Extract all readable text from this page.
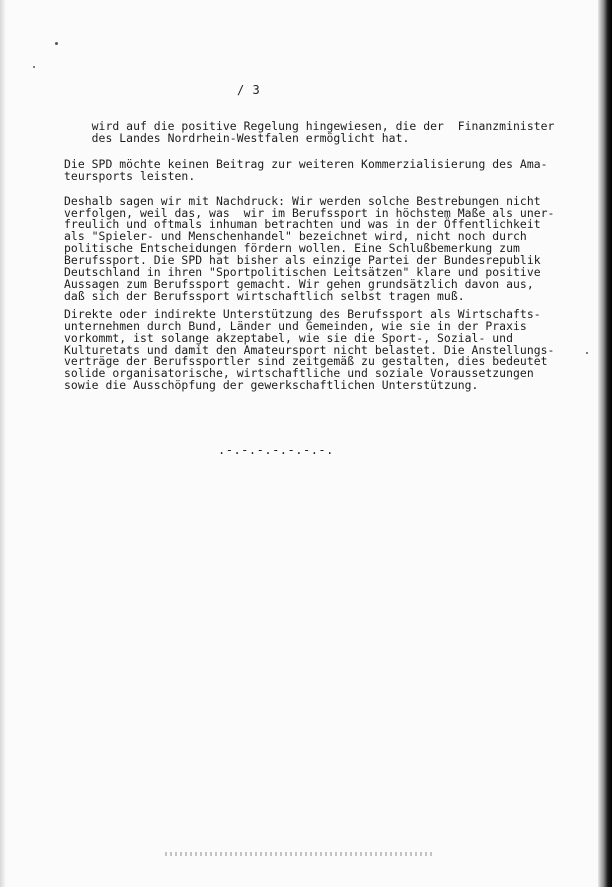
/ 3

wird auf die positive Regelung hingewiesen, die der  Finanzminister
des Landes Nordrhein-Westfalen ermöglicht hat.

Die SPD möchte keinen Beitrag zur weiteren Kommerzialisierung des Ama-
teursports leisten.

Deshalb sagen wir mit Nachdruck: Wir werden solche Bestrebungen nicht
verfolgen, weil das, was  wir im Berufssport in höchstem Maße als uner-
freulich und oftmals inhuman betrachten und was in der Öffentlichkeit
als "Spieler- und Menschenhandel" bezeichnet wird, nicht noch durch
politische Entscheidungen fördern wollen. Eine Schlußbemerkung zum
Berufssport. Die SPD hat bisher als einzige Partei der Bundesrepublik
Deutschland in ihren "Sportpolitischen Leitsätzen" klare und positive
Aussagen zum Berufssport gemacht. Wir gehen grundsätzlich davon aus,
daß sich der Berufssport wirtschaftlich selbst tragen muß.

Direkte oder indirekte Unterstützung des Berufssport als Wirtschafts-
unternehmen durch Bund, Länder und Gemeinden, wie sie in der Praxis
vorkommt, ist solange akzeptabel, wie sie die Sport-, Sozial- und
Kulturetats und damit den Amateursport nicht belastet. Die Anstellungs-
verträge der Berufssportler sind zeitgemäß zu gestalten, dies bedeutet
solide organisatorische, wirtschaftliche und soziale Voraussetzungen
sowie die Ausschöpfung der gewerkschaftlichen Unterstützung.

.-.-.-.-.-.-.-.
